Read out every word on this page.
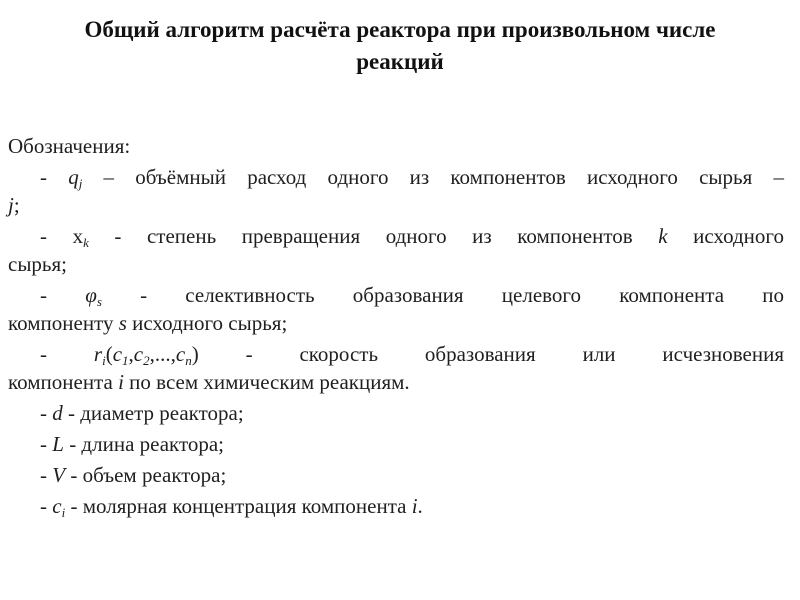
Общий алгоритм расчёта реактора при произвольном числе
реакций
Обозначения:
- $q_j$ – объёмный расход одного из компонентов исходного сырья –
j;
- $x_k$ - степень превращения одного из компонентов k исходного
сырья;
- $\varphi_s$ - селективность образования целевого компонента по
компоненту s исходного сырья;
- $r_i(c_1,c_2,...,c_n)$ - скорость образования или исчезновения
компонента i по всем химическим реакциям.
- d - диаметр реактора;
- L - длина реактора;
- V - объем реактора;
- $c_i$ - молярная концентрация компонента i.
